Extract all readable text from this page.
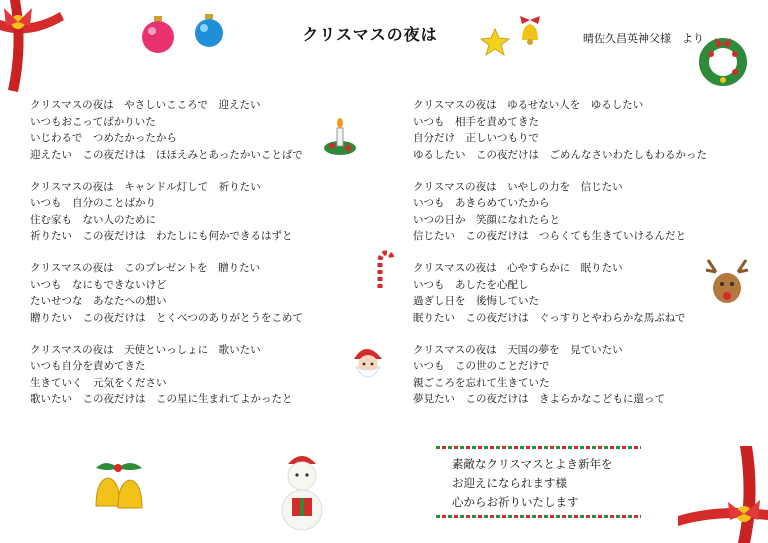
クリスマスの夜は	晴佐久昌英神父様　より
クリスマスの夜は　やさしいこころで　迎えたい
いつもおこってばかりいた
いじわるで　つめたかったから
迎えたい　この夜だけは　ほほえみとあったかいことばで
クリスマスの夜は　キャンドル灯して　祈りたい
いつも　自分のことばかり
住む家も　ない人のために
祈りたい　この夜だけは　わたしにも何かできるはずと
クリスマスの夜は　このプレゼントを　贈りたい
いつも　なにもできないけど
たいせつな　あなたへの想い
贈りたい　この夜だけは　とくべつのありがとうをこめて
クリスマスの夜は　天使といっしょに　歌いたい
いつも自分を責めてきた
生きていく　元気をください
歌いたい　この夜だけは　この星に生まれてよかったと
クリスマスの夜は　ゆるせない人を　ゆるしたい
いつも　相手を責めてきた
自分だけ　正しいつもりで
ゆるしたい　この夜だけは　ごめんなさいわたしもわるかった
クリスマスの夜は　いやしの力を　信じたい
いつも　あきらめていたから
いつの日か　笑顔になれたらと
信じたい　この夜だけは　つらくても生きていけるんだと
クリスマスの夜は　心やすらかに　眠りたい
いつも　あしたを心配し
過ぎし日を　後悔していた
眠りたい　この夜だけは　ぐっすりとやわらかな馬ぶねで
クリスマスの夜は　天国の夢を　見ていたい
いつも　この世のことだけで
親ごころを忘れて生きていた
夢見たい　この夜だけは　きよらかなこどもに還って
素敵なクリスマスとよき新年を
お迎えになられます様
心からお祈りいたします
